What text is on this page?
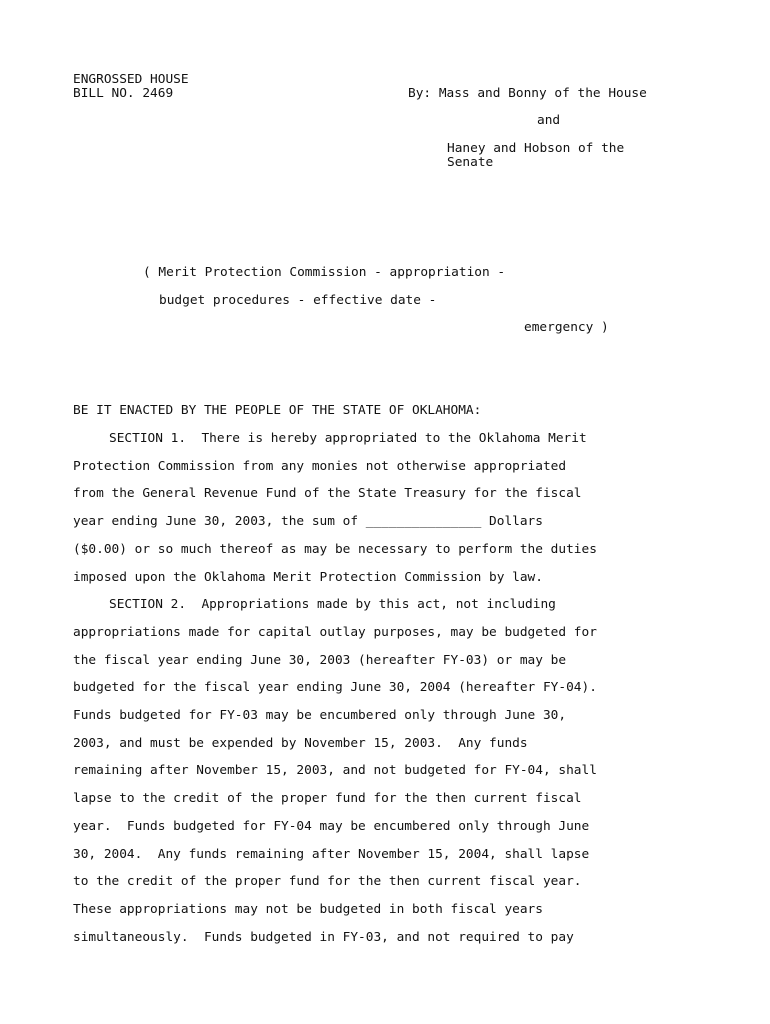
ENGROSSED HOUSE
BILL NO. 2469	By: Mass and Bonny of the House
and
Haney and Hobson of the
Senate
( Merit Protection Commission - appropriation -
budget procedures - effective date -
emergency )
BE IT ENACTED BY THE PEOPLE OF THE STATE OF OKLAHOMA:
SECTION 1.  There is hereby appropriated to the Oklahoma Merit
Protection Commission from any monies not otherwise appropriated
from the General Revenue Fund of the State Treasury for the fiscal
year ending June 30, 2003, the sum of _______________ Dollars
($0.00) or so much thereof as may be necessary to perform the duties
imposed upon the Oklahoma Merit Protection Commission by law.
SECTION 2.  Appropriations made by this act, not including
appropriations made for capital outlay purposes, may be budgeted for
the fiscal year ending June 30, 2003 (hereafter FY-03) or may be
budgeted for the fiscal year ending June 30, 2004 (hereafter FY-04).
Funds budgeted for FY-03 may be encumbered only through June 30,
2003, and must be expended by November 15, 2003.  Any funds
remaining after November 15, 2003, and not budgeted for FY-04, shall
lapse to the credit of the proper fund for the then current fiscal
year.  Funds budgeted for FY-04 may be encumbered only through June
30, 2004.  Any funds remaining after November 15, 2004, shall lapse
to the credit of the proper fund for the then current fiscal year.
These appropriations may not be budgeted in both fiscal years
simultaneously.  Funds budgeted in FY-03, and not required to pay
